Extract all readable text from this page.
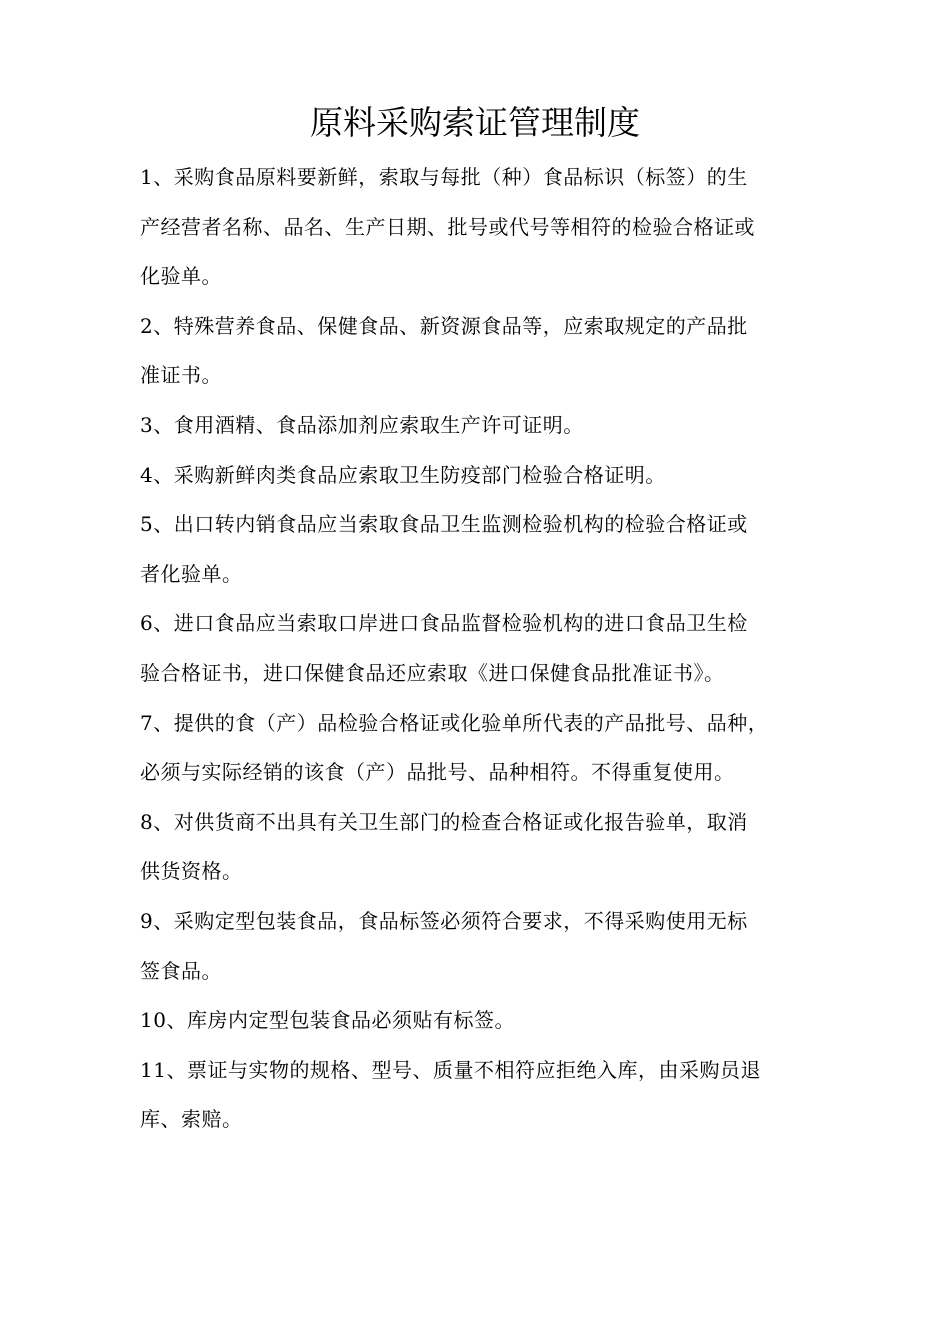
原料采购索证管理制度
1、采购食品原料要新鲜，索取与每批（种）食品标识（标签）的生
产经营者名称、品名、生产日期、批号或代号等相符的检验合格证或
化验单。
2、特殊营养食品、保健食品、新资源食品等，应索取规定的产品批
准证书。
3、食用酒精、食品添加剂应索取生产许可证明。
4、采购新鲜肉类食品应索取卫生防疫部门检验合格证明。
5、出口转内销食品应当索取食品卫生监测检验机构的检验合格证或
者化验单。
6、进口食品应当索取口岸进口食品监督检验机构的进口食品卫生检
验合格证书，进口保健食品还应索取《进口保健食品批准证书》。
7、提供的食（产）品检验合格证或化验单所代表的产品批号、品种，
必须与实际经销的该食（产）品批号、品种相符。不得重复使用。
8、对供货商不出具有关卫生部门的检查合格证或化报告验单，取消
供货资格。
9、采购定型包装食品，食品标签必须符合要求，不得采购使用无标
签食品。
10、库房内定型包装食品必须贴有标签。
11、票证与实物的规格、型号、质量不相符应拒绝入库，由采购员退
库、索赔。
